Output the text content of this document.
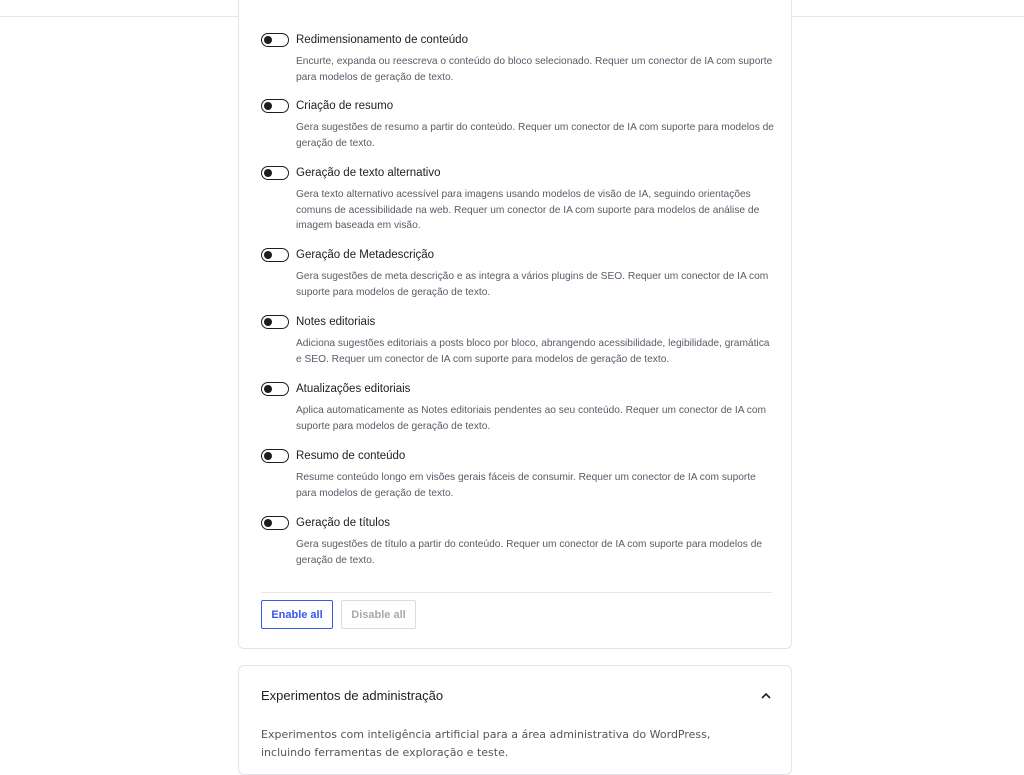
Redimensionamento de conteúdo
Encurte, expanda ou reescreva o conteúdo do bloco selecionado. Requer um conector de IA com suporte para modelos de geração de texto.
Criação de resumo
Gera sugestões de resumo a partir do conteúdo. Requer um conector de IA com suporte para modelos de geração de texto.
Geração de texto alternativo
Gera texto alternativo acessível para imagens usando modelos de visão de IA, seguindo orientações comuns de acessibilidade na web. Requer um conector de IA com suporte para modelos de análise de imagem baseada em visão.
Geração de Metadescrição
Gera sugestões de meta descrição e as integra a vários plugins de SEO. Requer um conector de IA com suporte para modelos de geração de texto.
Notes editoriais
Adiciona sugestões editoriais a posts bloco por bloco, abrangendo acessibilidade, legibilidade, gramática e SEO. Requer um conector de IA com suporte para modelos de geração de texto.
Atualizações editoriais
Aplica automaticamente as Notes editoriais pendentes ao seu conteúdo. Requer um conector de IA com suporte para modelos de geração de texto.
Resumo de conteúdo
Resume conteúdo longo em visões gerais fáceis de consumir. Requer um conector de IA com suporte para modelos de geração de texto.
Geração de títulos
Gera sugestões de título a partir do conteúdo. Requer um conector de IA com suporte para modelos de geração de texto.
Enable all	Disable all
Experimentos de administração
Experimentos com inteligência artificial para a área administrativa do WordPress, incluindo ferramentas de exploração e teste.
